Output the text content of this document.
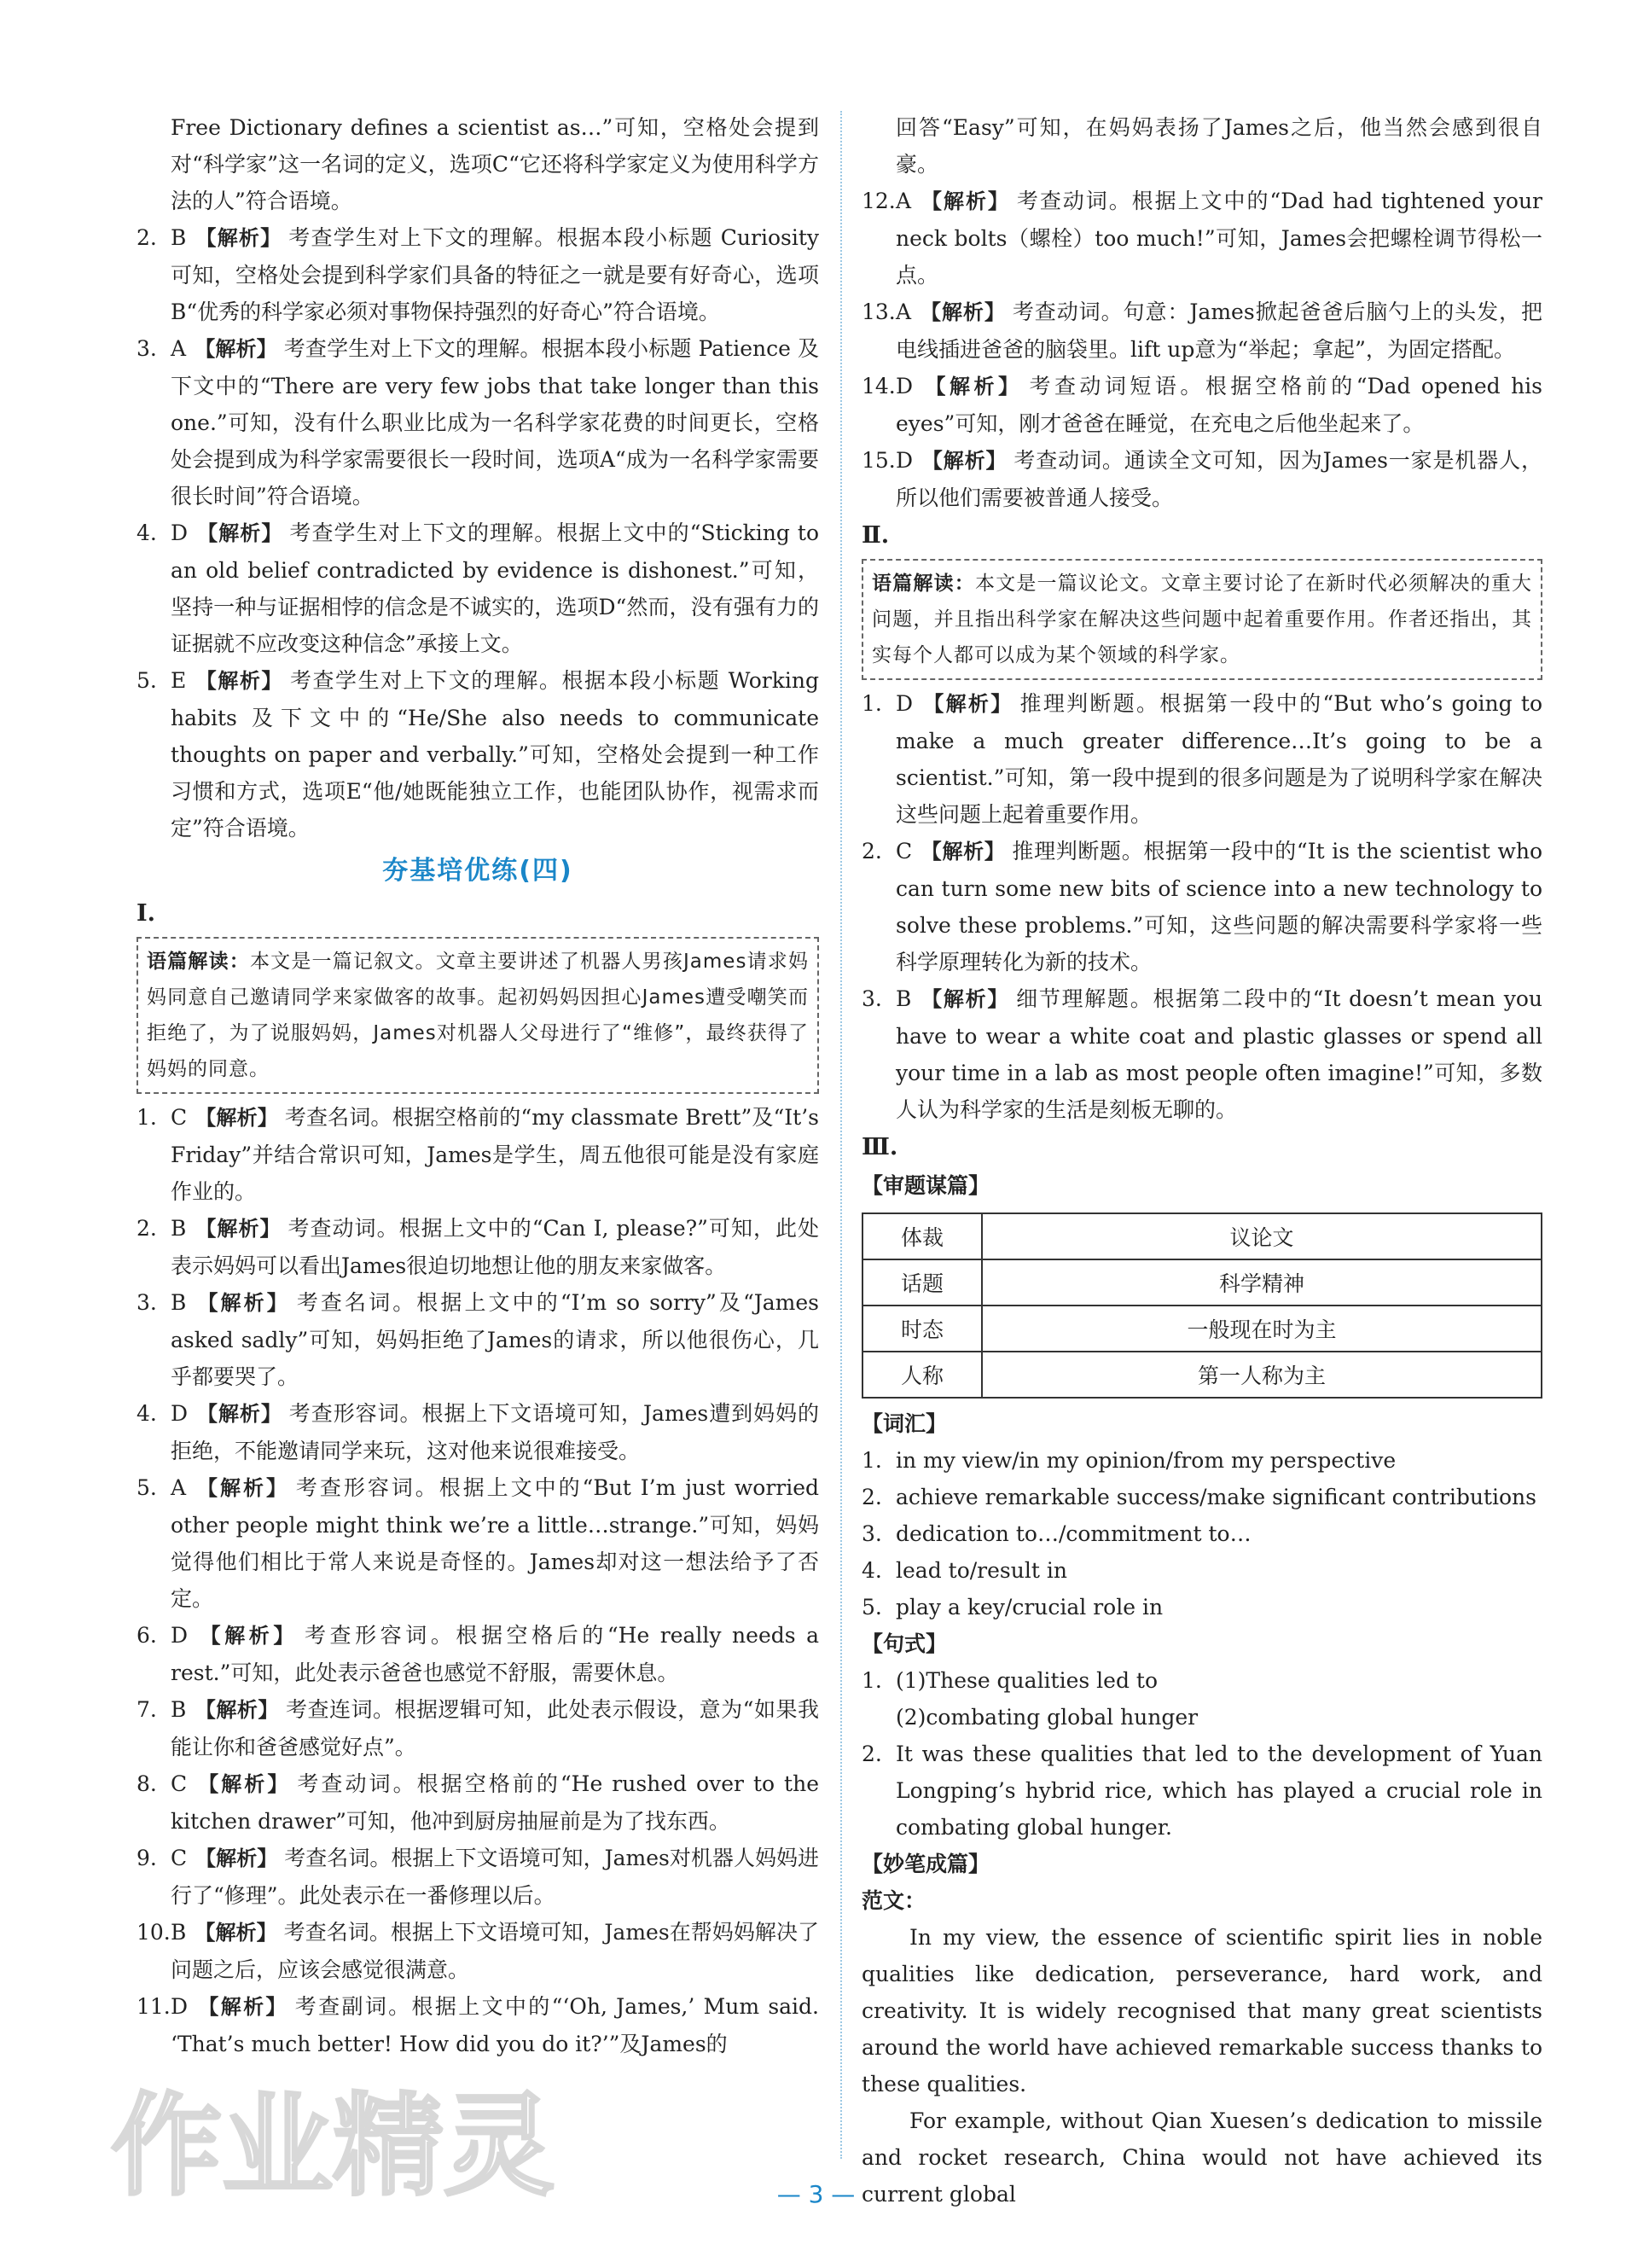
Free Dictionary defines a scientist as…”可知，空格处会提到对“科学家”这一名词的定义，选项C“它还将科学家定义为使用科学方法的人”符合语境。

2. B 【解析】 考查学生对上下文的理解。根据本段小标题 Curiosity 可知，空格处会提到科学家们具备的特征之一就是要有好奇心，选项B“优秀的科学家必须对事物保持强烈的好奇心”符合语境。

3. A 【解析】 考查学生对上下文的理解。根据本段小标题 Patience 及下文中的“There are very few jobs that take longer than this one.”可知，没有什么职业比成为一名科学家花费的时间更长，空格处会提到成为科学家需要很长一段时间，选项A“成为一名科学家需要很长时间”符合语境。

4. D 【解析】 考查学生对上下文的理解。根据上文中的“Sticking to an old belief contradicted by evidence is dishonest.”可知，坚持一种与证据相悖的信念是不诚实的，选项D“然而，没有强有力的证据就不应改变这种信念”承接上文。

5. E 【解析】 考查学生对上下文的理解。根据本段小标题 Working habits 及下文中的“He/She also needs to communicate thoughts on paper and verbally.”可知，空格处会提到一种工作习惯和方式，选项E“他/她既能独立工作，也能团队协作，视需求而定”符合语境。

夯基培优练(四)

Ⅰ.

语篇解读：本文是一篇记叙文。文章主要讲述了机器人男孩James请求妈妈同意自己邀请同学来家做客的故事。起初妈妈因担心James遭受嘲笑而拒绝了，为了说服妈妈，James对机器人父母进行了“维修”，最终获得了妈妈的同意。

1. C 【解析】 考查名词。根据空格前的“my classmate Brett”及“It’s Friday”并结合常识可知，James是学生，周五他很可能是没有家庭作业的。

2. B 【解析】 考查动词。根据上文中的“Can I, please?”可知，此处表示妈妈可以看出James很迫切地想让他的朋友来家做客。

3. B 【解析】 考查名词。根据上文中的“I’m so sorry”及“James asked sadly”可知，妈妈拒绝了James的请求，所以他很伤心，几乎都要哭了。

4. D 【解析】 考查形容词。根据上下文语境可知，James遭到妈妈的拒绝，不能邀请同学来玩，这对他来说很难接受。

5. A 【解析】 考查形容词。根据上文中的“But I’m just worried other people might think we’re a little…strange.”可知，妈妈觉得他们相比于常人来说是奇怪的。James却对这一想法给予了否定。

6. D 【解析】 考查形容词。根据空格后的“He really needs a rest.”可知，此处表示爸爸也感觉不舒服，需要休息。

7. B 【解析】 考查连词。根据逻辑可知，此处表示假设，意为“如果我能让你和爸爸感觉好点”。

8. C 【解析】 考查动词。根据空格前的“He rushed over to the kitchen drawer”可知，他冲到厨房抽屉前是为了找东西。

9. C 【解析】 考查名词。根据上下文语境可知，James对机器人妈妈进行了“修理”。此处表示在一番修理以后。

10.B 【解析】 考查名词。根据上下文语境可知，James在帮妈妈解决了问题之后，应该会感觉很满意。

11.D 【解析】 考查副词。根据上文中的“‘Oh, James,’ Mum said. ‘That’s much better! How did you do it?’”及James的

回答“Easy”可知，在妈妈表扬了James之后，他当然会感到很自豪。

12.A 【解析】 考查动词。根据上文中的“Dad had tightened your neck bolts（螺栓）too much!”可知，James会把螺栓调节得松一点。

13.A 【解析】 考查动词。句意：James掀起爸爸后脑勺上的头发，把电线插进爸爸的脑袋里。lift up意为“举起；拿起”，为固定搭配。

14.D 【解析】 考查动词短语。根据空格前的“Dad opened his eyes”可知，刚才爸爸在睡觉，在充电之后他坐起来了。

15.D 【解析】 考查动词。通读全文可知，因为James一家是机器人，所以他们需要被普通人接受。

Ⅱ.

语篇解读：本文是一篇议论文。文章主要讨论了在新时代必须解决的重大问题，并且指出科学家在解决这些问题中起着重要作用。作者还指出，其实每个人都可以成为某个领域的科学家。

1. D 【解析】 推理判断题。根据第一段中的“But who’s going to make a much greater difference…It’s going to be a scientist.”可知，第一段中提到的很多问题是为了说明科学家在解决这些问题上起着重要作用。

2. C 【解析】 推理判断题。根据第一段中的“It is the scientist who can turn some new bits of science into a new technology to solve these problems.”可知，这些问题的解决需要科学家将一些科学原理转化为新的技术。

3. B 【解析】 细节理解题。根据第二段中的“It doesn’t mean you have to wear a white coat and plastic glasses or spend all your time in a lab as most people often imagine!”可知，多数人认为科学家的生活是刻板无聊的。

Ⅲ.

【审题谋篇】

体裁	议论文
话题	科学精神
时态	一般现在时为主
人称	第一人称为主

【词汇】

1. in my view/in my opinion/from my perspective

2. achieve remarkable success/make significant contributions

3. dedication to…/commitment to…

4. lead to/result in

5. play a key/crucial role in

【句式】

1. (1)These qualities led to

(2)combating global hunger

2. It was these qualities that led to the development of Yuan Longping’s hybrid rice, which has played a crucial role in combating global hunger.

【妙笔成篇】

范文：

In my view, the essence of scientific spirit lies in noble qualities like dedication, perseverance, hard work, and creativity. It is widely recognised that many great scientists around the world have achieved remarkable success thanks to these qualities.

For example, without Qian Xuesen’s dedication to missile and rocket research, China would not have achieved its current global

— 3 —
作业精灵
